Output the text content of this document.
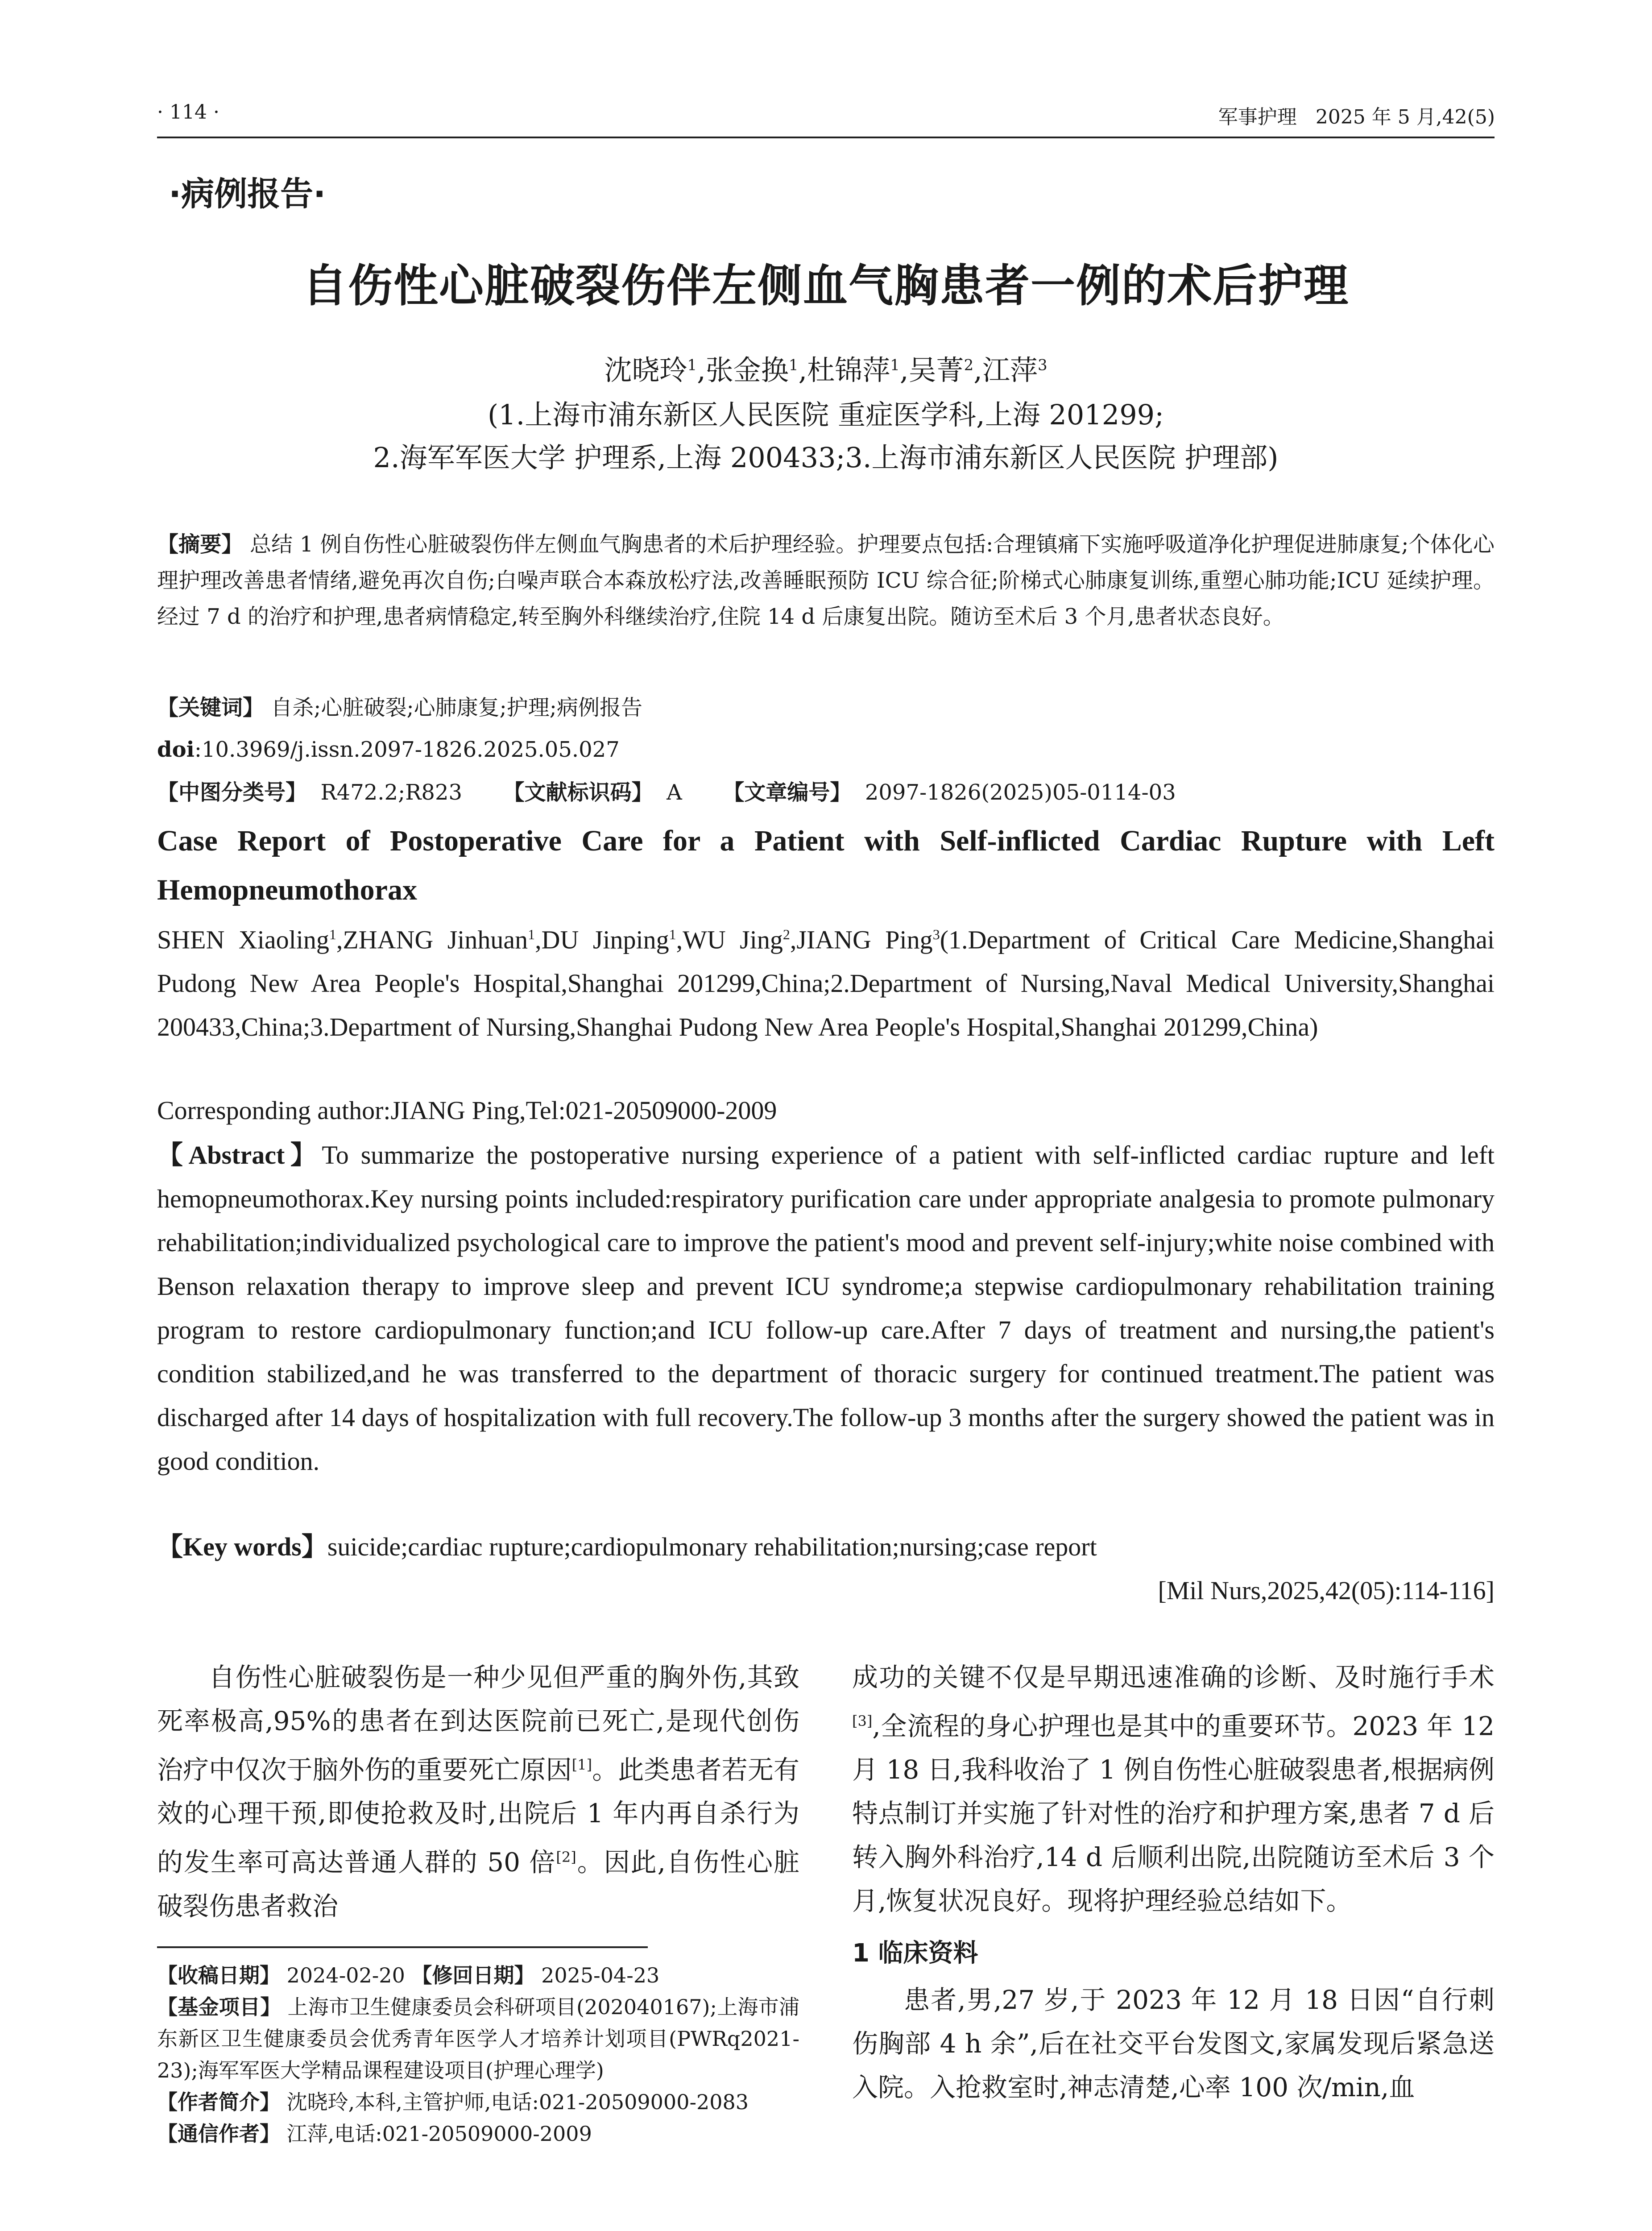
· 114 ·	军事护理   2025 年 5 月,42(5)
·病例报告·
自伤性心脏破裂伤伴左侧血气胸患者一例的术后护理
沈晓玲$^1$,张金换$^1$,杜锦萍$^1$,吴菁$^2$,江萍$^3$
(1.上海市浦东新区人民医院 重症医学科,上海 201299;
2.海军军医大学 护理系,上海 200433;3.上海市浦东新区人民医院 护理部)
【摘要】 总结 1 例自伤性心脏破裂伤伴左侧血气胸患者的术后护理经验。护理要点包括:合理镇痛下实施呼吸道净化护理促进肺康复;个体化心理护理改善患者情绪,避免再次自伤;白噪声联合本森放松疗法,改善睡眠预防 ICU 综合征;阶梯式心肺康复训练,重塑心肺功能;ICU 延续护理。经过 7 d 的治疗和护理,患者病情稳定,转至胸外科继续治疗,住院 14 d 后康复出院。随访至术后 3 个月,患者状态良好。
【关键词】 自杀;心脏破裂;心肺康复;护理;病例报告
doi:10.3969/j.issn.2097-1826.2025.05.027
【中图分类号】 R472.2;R823 【文献标识码】 A 【文章编号】 2097-1826(2025)05-0114-03
Case Report of Postoperative Care for a Patient with Self-inflicted Cardiac Rupture with Left Hemopneumothorax
SHEN Xiaoling$^1$,ZHANG Jinhuan$^1$,DU Jinping$^1$,WU Jing$^2$,JIANG Ping$^3$(1.Department of Critical Care Medicine,Shanghai Pudong New Area People's Hospital,Shanghai 201299,China;2.Department of Nursing,Naval Medical University,Shanghai 200433,China;3.Department of Nursing,Shanghai Pudong New Area People's Hospital,Shanghai 201299,China)
Corresponding author:JIANG Ping,Tel:021-20509000-2009
【Abstract】To summarize the postoperative nursing experience of a patient with self-inflicted cardiac rupture and left hemopneumothorax.Key nursing points included:respiratory purification care under appropriate analgesia to promote pulmonary rehabilitation;individualized psychological care to improve the patient's mood and prevent self-injury;white noise combined with Benson relaxation therapy to improve sleep and prevent ICU syndrome;a stepwise cardiopulmonary rehabilitation training program to restore cardiopulmonary function;and ICU follow-up care.After 7 days of treatment and nursing,the patient's condition stabilized,and he was transferred to the department of thoracic surgery for continued treatment.The patient was discharged after 14 days of hospitalization with full recovery.The follow-up 3 months after the surgery showed the patient was in good condition.
【Key words】suicide;cardiac rupture;cardiopulmonary rehabilitation;nursing;case report
[Mil Nurs,2025,42(05):114-116]

自伤性心脏破裂伤是一种少见但严重的胸外伤,其致死率极高,95%的患者在到达医院前已死亡,是现代创伤治疗中仅次于脑外伤的重要死亡原因[1]。此类患者若无有效的心理干预,即使抢救及时,出院后 1 年内再自杀行为的发生率可高达普通人群的 50 倍[2]。因此,自伤性心脏破裂伤患者救治

成功的关键不仅是早期迅速准确的诊断、及时施行手术[3],全流程的身心护理也是其中的重要环节。2023 年 12 月 18 日,我科收治了 1 例自伤性心脏破裂患者,根据病例特点制订并实施了针对性的治疗和护理方案,患者 7 d 后转入胸外科治疗,14 d 后顺利出院,出院随访至术后 3 个月,恢复状况良好。现将护理经验总结如下。

1 临床资料

患者,男,27 岁,于 2023 年 12 月 18 日因“自行刺伤胸部 4 h 余”,后在社交平台发图文,家属发现后紧急送入院。入抢救室时,神志清楚,心率 100 次/min,血

【收稿日期】 2024-02-20 【修回日期】 2025-04-23
【基金项目】 上海市卫生健康委员会科研项目(202040167);上海市浦东新区卫生健康委员会优秀青年医学人才培养计划项目(PWRq2021-23);海军军医大学精品课程建设项目(护理心理学)
【作者简介】 沈晓玲,本科,主管护师,电话:021-20509000-2083
【通信作者】 江萍,电话:021-20509000-2009
